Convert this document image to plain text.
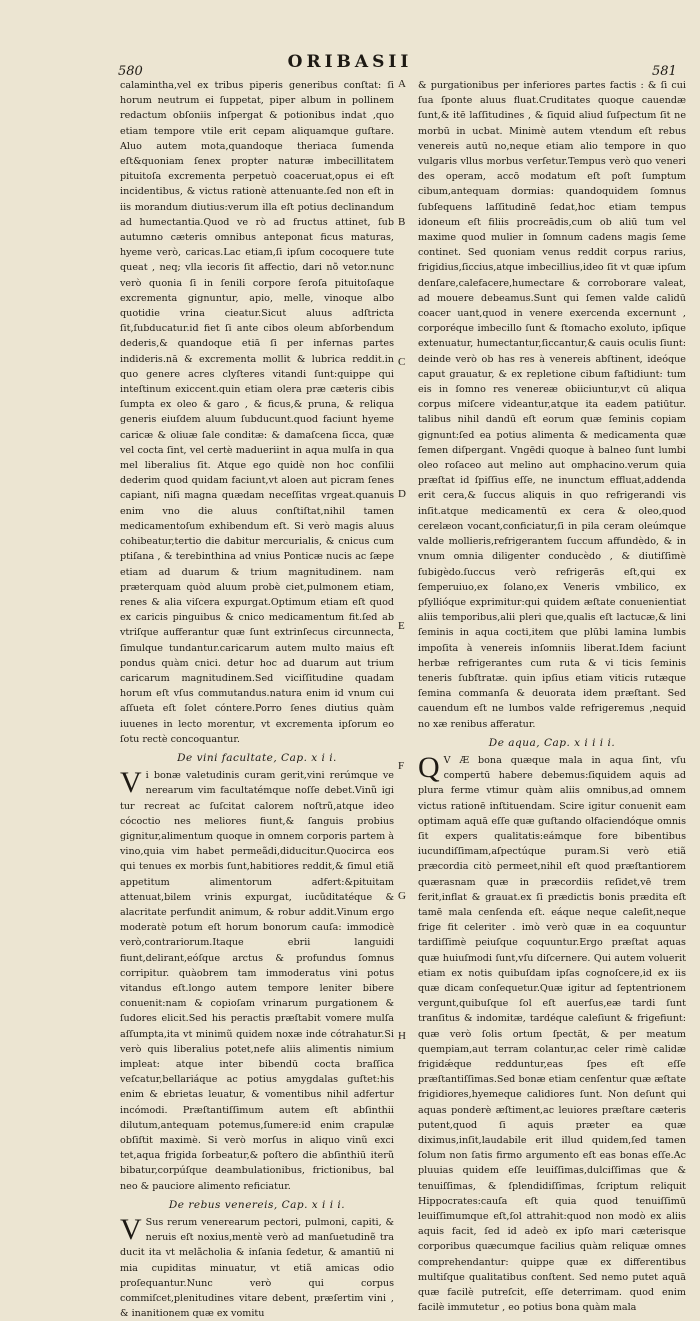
580	ORIBASII	581
A
B
C
D
E
F
G
H

calamintha,vel ex tribus piperis generibus conſtat: ſi horum neutrum ei ſuppetat, piper album in pollinem redactum obſoniis inſpergat & potionibus indat ,quo etiam tempore vtile erit cepam aliquamque guſtare. Aluo autem mota,quandoque theriaca ſumenda eſt&quoniam ſenex propter naturæ imbecillitatem pituitoſa excrementa perpetuò coaceruat,opus ei eſt incidentibus, & victus rationè attenuante.ſed non eſt in iis morandum diutius:verum illa eſt potius declinandum ad humectantia.Quod ve rò ad fructus attinet, ſub autumno cæteris omnibus anteponat ficus maturas, hyeme verò, caricas.Lac etiam,ſi ipſum cocoquere tute queat , neq; vlla iecoris ſit affectio, dari nõ vetor.nunc verò quonia ſi in ſenili corpore ſeroſa pituitoſaque excrementa gignuntur, apio, melle, vinoque albo quotidie vrina cieatur.Sicut aluus adſtricta ſit,ſubducatur.id fiet ſi ante cibos oleum abſorbendum dederis,& quandoque etiā ſi per infernas partes indideris.nā & excrementa mollit & lubrica reddit.in quo genere acres clyſteres vitandi ſunt:quippe qui inteſtinum exiccent.quin etiam olera præ cæteris cibis ſumpta ex oleo & garo , & ficus,& pruna, & reliqua generis eiuſdem aluum ſubducunt.quod faciunt hyeme caricæ & oliuæ ſale conditæ: & damaſcena ſicca, quæ vel cocta ſint, vel certè madueriint in aqua mulſa in qua mel liberalius ſit. Atque ego quidè non hoc conſilii dederim quod quidam faciunt,vt aloen aut picram ſenes capiant, niſi magna quædam neceſſitas vrgeat.quanuis enim vno die aluus conſtiſtat,nihil tamen medicamentoſum exhibendum eſt. Si verò magis aluus cohibeatur,tertio die dabitur mercurialis, & cnicus cum ptiſana , & terebinthina ad vnius Ponticæ nucis ac ſæpe etiam ad duarum & trium magnitudinem. nam præterquam quòd aluum probè ciet,pulmonem etiam, renes & alia viſcera expurgat.Optimum etiam eſt quod ex caricis pinguibus & cnico medicamentum fit.ſed ab vtriſque aufferantur quæ ſunt extrinſecus circunnecta, ſimulque tundantur.caricarum autem multo maius eſt pondus quàm cnici. detur hoc ad duarum aut trium caricarum magnitudinem.Sed viciſſitudine quadam horum eſt vſus commutandus.natura enim id vnum cui aſſueta eſt ſolet cóntere.Porro ſenes diutius quàm iuuenes in lecto morentur, vt excrementa ipſorum eo ſotu rectè concoquantur.

De vini facultate, Cap. x i i.

Vi bonæ valetudinis curam gerit,vini rerúmque ve nerearum vim facultatémque noſſe debet.Vinũ igi tur recreat ac ſuſcitat calorem noſtrũ,atque ideo cócoctio nes meliores fiunt,& ſanguis probius gignitur,alimentum quoque in omnem corporis partem à vino,quia vim habet permeãdi,diducitur.Quocirca eos qui tenues ex morbis ſunt,habitiores reddit,& ſimul etiã appetitum alimentorum adfert:&pituitam attenuat,bilem vrinis expurgat, iucũditatéque & alacritate perfundit animum, & robur addit.Vinum ergo moderatè potum eſt horum bonorum cauſa: immodicè verò,contrariorum.Itaque ebrii languidi fiunt,delirant,eóſque arctus & profundus ſomnus corripitur. quàobrem tam immoderatus vini potus vitandus eſt.longo autem tempore leniter bibere conuenit:nam & copioſam vrinarum purgationem & ſudores elicit.Sed his peractis præſtabit vomere mulſa aſſumpta,ita vt minimũ quidem noxæ inde cótrahatur.Si verò quis liberalius potet,nefe aliis alimentis nimium impleat: atque inter bibendū cocta braſſica veſcatur,bellariáque ac potius amygdalas guſtet:his enim & ebrietas leuatur, & vomentibus nihil adfertur incómodi. Præſtantiſſimum autem eſt abſinthii dilutum,antequam potemus,ſumere:id enim crapulæ obſiſtit maximè. Si verò morſus in aliquo vinũ exci tet,aqua frigida ſorbeatur,& poſtero die abſinthiū iterũ bibatur,corpúſque deambulationibus, frictionibus, bal neo & pauciore alimento reficiatur.

De rebus venereis, Cap. x i i i.

V Sus rerum venerearum pectori, pulmoni, capiti, & neruis eſt noxius,mentè verò ad manſuetudinẽ tra ducit ita vt melãcholia & inſania ſedetur, & amantiū ni mia cupiditas minuatur, vt etiã amicas odio proſequantur.Nunc verò qui corpus commiſcet,plenitudines vitare debent, præſertim vini , & inanitionem quæ ex vomitu

& purgationibus per inferiores partes factis : & ſi cui ſua ſponte aluus fluat.Cruditates quoque cauendæ ſunt,& itē laſſitudines , & ſiquid aliud ſuſpectum ſit ne morbū in ucbat. Minimè autem vtendum eſt rebus venereis autū no,neque etiam alio tempore in quo vulgaris vllus morbus verſetur.Tempus verò quo veneri des operam, accō modatum eſt poſt ſumptum cibum,antequam dormias: quandoquidem ſomnus ſubſequens laſſitudinē ſedat,hoc etiam tempus idoneum eſt filiis procreādis,cum ob aliū tum vel maxime quod mulier in ſomnum cadens magis ſeme continet. Sed quoniam venus reddit corpus rarius, frigidius,ſiccius,atque imbecillius,ideo ſit vt quæ ipſum denſare,calefacere,humectare & corroborare valeat, ad mouere debeamus.Sunt qui ſemen valde calidū coacer uant,quod in venere exercenda excernunt , corporéque imbecillo ſunt & ſtomacho exoluto, ipſique extenuatur, humectantur,ſiccantur,& cauis oculis ſiunt: deinde verò ob has res à venereis abſtinent, ideóque caput grauatur, & ex repletione cibum faſtidiunt: tum eis in ſomno res venereæ obiiciuntur,vt cū aliqua corpus miſcere videantur,atque ita eadem patiūtur. talibus nihil dandū eſt eorum quæ ſeminis copiam gignunt:ſed ea potius alimenta & medicamenta quæ ſemen diſpergant. Vngēdi quoque à balneo ſunt lumbi oleo roſaceo aut melino aut omphacino.verum quia præſtat id ſpiſſius eſſe, ne inunctum effluat,addenda erit cera,& ſuccus aliquis in quo refrigerandi vis inſit.atque medicamentū ex cera & oleo,quod cerelæon vocant,conficiatur,ſi in pila ceram oleúmque valde mollieris,refrigerantem ſuccum affundèdo, & in vnum omnia diligenter conducèdo , & diutiſſimè ſubigèdo.ſuccus verò refrigerās eſt,qui ex ſemperuiuo,ex ſolano,ex Veneris vmbilico, ex pſyllióque exprimitur:qui quidem æſtate conuenientiat aliis temporibus,alii pleri que,qualis eſt lactucæ,& lini ſeminis in aqua cocti,item que plūbi lamina lumbis impoſita à venereis inſomniis liberat.Idem faciunt herbæ refrigerantes cum ruta & vi ticis ſeminis teneris ſubſtratæ. quin ipſius etiam viticis rutæque ſemina commanſa & deuorata idem præſtant. Sed cauendum eſt ne lumbos valde refrigeremus ,nequid no xæ renibus afferatur.

De aqua, Cap. x i i i i.

Q V Æ bona quæque mala in aqua ſint, vſu compertū habere debemus:ſiquidem aquis ad plura ferme vtimur quàm aliis omnibus,ad omnem victus rationē inſtituendam. Scire igitur conuenit eam optimam aquā eſſe quæ guſtando olfaciendóque omnis ſit expers qualitatis:eámque fore bibentibus iucundiſſimam,aſpectúque puram.Si verò etiã præcordia citò permeet,nihil eſt quod præſtantiorem quærasnam quæ in præcordiis reſidet,vē trem ferit,inflat & grauat.ex ſi prædictis bonis prædita eſt tamē mala cenſenda eſt. eáque neque caleſit,neque frige fit celeriter . imò verò quæ in ea coquuntur tardiſſimè peiuſque coquuntur.Ergo præſtat aquas quæ huiuſmodi ſunt,vſu diſcernere. Qui autem voluerit etiam ex notis quibuſdam ipſas cognoſcere,id ex iis quæ dicam conſequetur.Quæ igitur ad ſeptentrionem vergunt,quibuſque ſol eſt auerſus,eæ tardi ſunt tranſitus & indomitæ, tardéque caleſiunt & frigefiunt: quæ verò ſolis ortum ſpectāt, & per meatum quempiam,aut terram colantur,ac celer rimè calidæ frigidǽque redduntur,eas ſpes eſt eſſe præſtantiſſimas.Sed bonæ etiam cenſentur quæ æſtate frigidiores,hyemeque calidiores ſunt. Non deſunt qui aquas ponderè æſtiment,ac leuiores præſtare cæteris putent,quod ſi aquis præter ea quæ diximus,inſit,laudabile erit illud quidem,ſed tamen ſolum non ſatis firmo argumento eſt eas bonas eſſe.Ac pluuias quidem eſſe leuiſſimas,dulciſſimas que & tenuiſſimas, & ſplendidiſſimas, ſcriptum reliquit Hippocrates:cauſa eſt quia quod tenuiſſimū leuiſſimumque eſt,ſol attrahit:quod non modò ex aliis aquis facit, ſed id adeò ex ipſo mari cæterisque corporibus quæcumque facilius quàm reliquæ omnes comprehendantur: quippe quæ ex differentibus multiſque qualitatibus conſtent. Sed nemo putet aquā quæ facilè putreſcit, eſſe deterrimam. quod enim facilè immutetur , eo potius bona quàm mala
